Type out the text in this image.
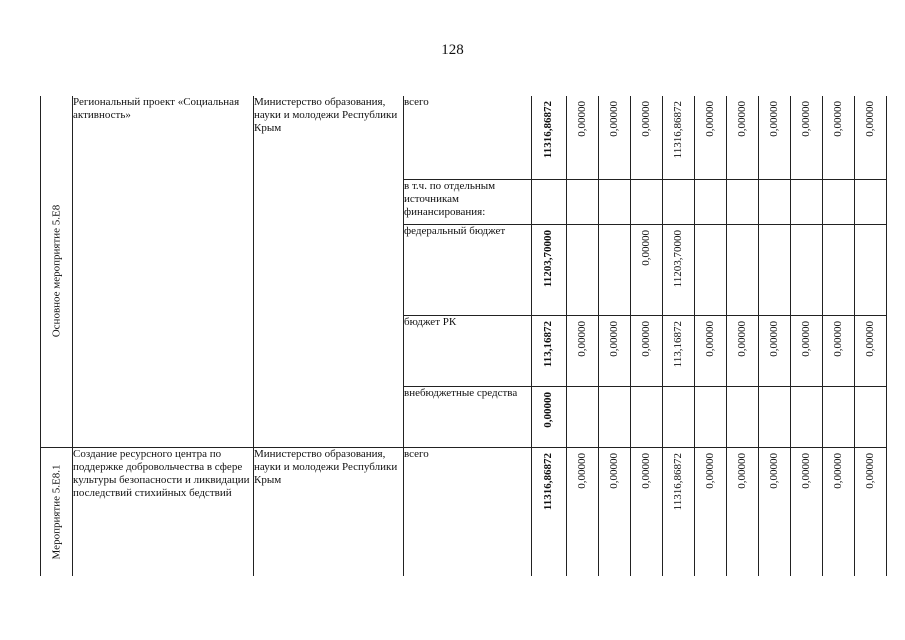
128
Основное мероприятие 5.Е8	Региональный проект «Социальная активность»	Министерство образования, науки и молодежи Республики Крым	всего	11316,86872	0,00000	0,00000	0,00000	11316,86872	0,00000	0,00000	0,00000	0,00000	0,00000	0,00000

			в т.ч. по отдельным источникам финансирования:											
			федеральный бюджет	11203,70000			0,00000	11203,70000						

			бюджет РК	113,16872	0,00000	0,00000	0,00000	113,16872	0,00000	0,00000	0,00000	0,00000	0,00000	0,00000

			внебюджетные средства	0,00000										

Мероприятие 5.Е8.1	Создание ресурсного центра по поддержке добровольчества в сфере культуры безопасности и ликвидации последствий стихийных бедствий	Министерство образования, науки и молодежи Республики Крым	всего	11316,86872	0,00000	0,00000	0,00000	11316,86872	0,00000	0,00000	0,00000	0,00000	0,00000	0,00000
